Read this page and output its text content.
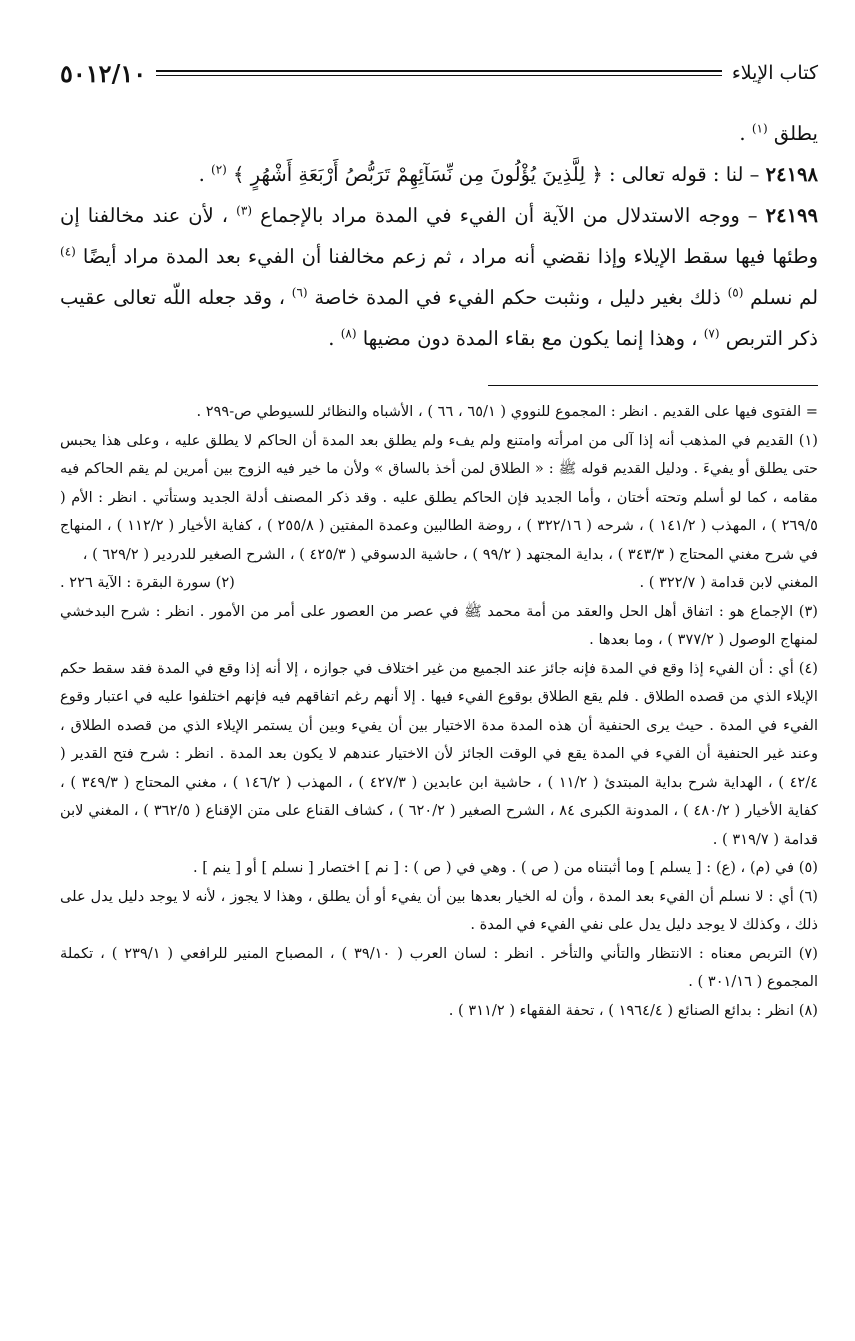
كتاب الإيلاء
٥٠١٢/١٠

يطلق $^{(١)}$ .

٢٤١٩٨ – لنا : قوله تعالى : ﴿ لِلَّذِينَ يُؤْلُونَ مِن نِّسَآئِهِمْ تَرَبُّصُ أَرْبَعَةِ أَشْهُرٍ ﴾ $^{(٢)}$ .

٢٤١٩٩ – ووجه الاستدلال من الآية أن الفيء في المدة مراد بالإجماع $^{(٣)}$ ، لأن عند مخالفنا إن وطئها فيها سقط الإيلاء وإذا نقضي أنه مراد ، ثم زعم مخالفنا أن الفيء بعد المدة مراد أيضًا $^{(٤)}$ لم نسلم $^{(٥)}$ ذلك بغير دليل ، ونثبت حكم الفيء في المدة خاصة $^{(٦)}$ ، وقد جعله اللّه تعالى عقيب ذكر التربص $^{(٧)}$ ، وهذا إنما يكون مع بقاء المدة دون مضيها $^{(٨)}$ .

= الفتوى فيها على القديم . انظر : المجموع للنووي ( ٦٥/١ ، ٦٦ ) ، الأشباه والنظائر للسيوطي ص-٢٩٩ .

(١) القديم في المذهب أنه إذا آلى من امرأته وامتنع ولم يفء ولم يطلق بعد المدة أن الحاكم لا يطلق عليه ، وعلى هذا يحبس حتى يطلق أو يفيءَ . ودليل القديم قوله ﷺ : « الطلاق لمن أخذ بالساق » ولأن ما خير فيه الزوج بين أمرين لم يقم الحاكم فيه مقامه ، كما لو أسلم وتحته أختان ، وأما الجديد فإن الحاكم يطلق عليه . وقد ذكر المصنف أدلة الجديد وستأتي . انظر : الأم ( ٢٦٩/٥ ) ، المهذب ( ١٤١/٢ ) ، شرحه ( ٣٢٢/١٦ ) ، روضة الطالبين وعمدة المفتين ( ٢٥٥/٨ ) ، كفاية الأخيار ( ١١٢/٢ ) ، المنهاج في شرح مغني المحتاج ( ٣٤٣/٣ ) ، بداية المجتهد ( ٩٩/٢ ) ، حاشية الدسوقي ( ٤٢٥/٣ ) ، الشرح الصغير للدردير ( ٦٢٩/٢ ) ،

المغني لابن قدامة ( ٣٢٢/٧ ) .
(٢) سورة البقرة : الآية ٢٢٦ .

(٣) الإجماع هو : اتفاق أهل الحل والعقد من أمة محمد ﷺ في عصر من العصور على أمر من الأمور . انظر : شرح البدخشي لمنهاج الوصول ( ٣٧٧/٢ ) ، وما بعدها .

(٤) أي : أن الفيء إذا وقع في المدة فإنه جائز عند الجميع من غير اختلاف في جوازه ، إلا أنه إذا وقع في المدة فقد سقط حكم الإيلاء الذي من قصده الطلاق . فلم يقع الطلاق بوقوع الفيء فيها . إلا أنهم رغم اتفاقهم فيه فإنهم اختلفوا عليه في اعتبار وقوع الفيء في المدة . حيث يرى الحنفية أن هذه المدة مدة الاختيار بين أن يفيء وبين أن يستمر الإيلاء الذي من قصده الطلاق ، وعند غير الحنفية أن الفيء في المدة يقع في الوقت الجائز لأن الاختيار عندهم لا يكون بعد المدة . انظر : شرح فتح القدير ( ٤٢/٤ ) ، الهداية شرح بداية المبتدئ ( ١١/٢ ) ، حاشية ابن عابدين ( ٤٢٧/٣ ) ، المهذب ( ١٤٦/٢ ) ، مغني المحتاج ( ٣٤٩/٣ ) ، كفاية الأخيار ( ٤٨٠/٢ ) ، المدونة الكبرى ٨٤ ، الشرح الصغير ( ٦٢٠/٢ ) ، كشاف القناع على متن الإقناع ( ٣٦٢/٥ ) ، المغني لابن قدامة ( ٣١٩/٧ ) .

(٥) في (م) ، (ع) : [ يسلم ] وما أثبتناه من ( ص ) . وهي في ( ص ) : [ نم ] اختصار [ نسلم ] أو [ ينم ] .

(٦) أي : لا نسلم أن الفيء بعد المدة ، وأن له الخيار بعدها بين أن يفيء أو أن يطلق ، وهذا لا يجوز ، لأنه لا يوجد دليل يدل على ذلك ، وكذلك لا يوجد دليل يدل على نفي الفيء في المدة .

(٧) التربص معناه : الانتظار والتأني والتأخر . انظر : لسان العرب ( ٣٩/١٠ ) ، المصباح المنير للرافعي ( ٢٣٩/١ ) ، تكملة المجموع ( ٣٠١/١٦ ) .

(٨) انظر : بدائع الصنائع ( ١٩٦٤/٤ ) ، تحفة الفقهاء ( ٣١١/٢ ) .
